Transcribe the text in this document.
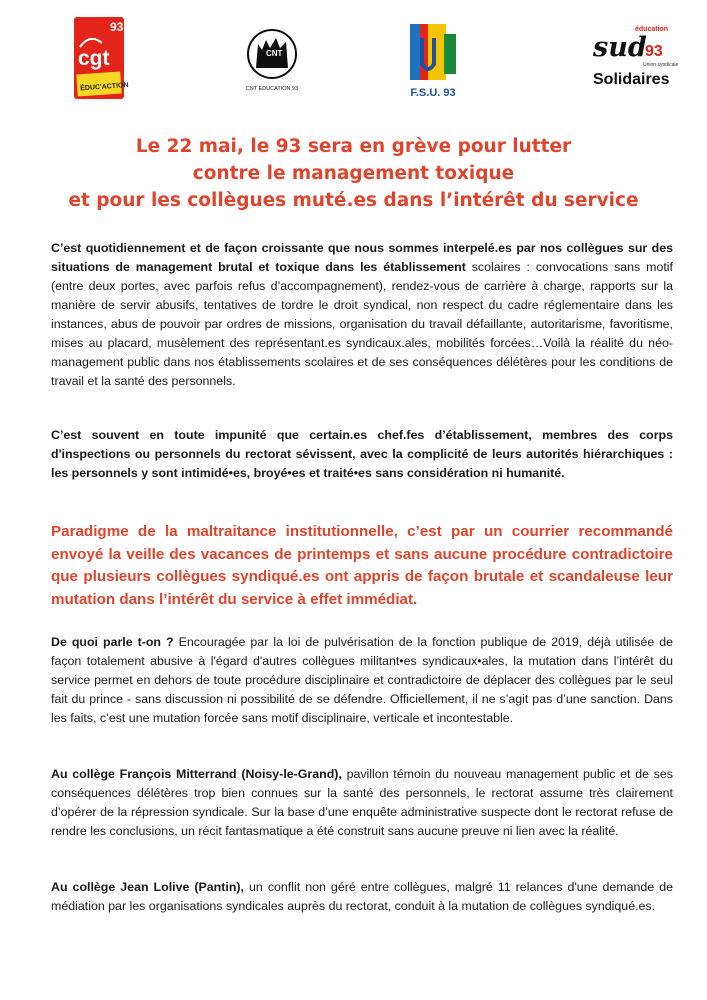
93
cgt
ÉDUC'ACTION
CNT
CNT EDUCATION 93	F.S.U. 93
éducation
sud
93
Union syndicale
Solidaires
Le 22 mai, le 93 sera en grève pour lutter
contre le management toxique
et pour les collègues muté.es dans l’intérêt du service
C’est quotidiennement et de façon croissante que nous sommes interpelé.es par nos collègues sur des situations de management brutal et toxique dans les établissement scolaires : convocations sans motif (entre deux portes, avec parfois refus d’accompagnement), rendez-vous de carrière à charge, rapports sur la manière de servir abusifs, tentatives de tordre le droit syndical, non respect du cadre réglementaire dans les instances, abus de pouvoir par ordres de missions, organisation du travail défaillante, autoritarisme, favoritisme, mises au placard, musèlement des représentant.es syndicaux.ales, mobilités forcées…Voilà la réalité du néo-management public dans nos établissements scolaires et de ses conséquences délétères pour les conditions de travail et la santé des personnels.
C’est souvent en toute impunité que certain.es chef.fes d’établissement, membres des corps d'inspections ou personnels du rectorat sévissent, avec la complicité de leurs autorités hiérarchiques : les personnels y sont intimidé•es, broyé•es et traité•es sans considération ni humanité.
Paradigme de la maltraitance institutionnelle, c’est par un courrier recommandé envoyé la veille des vacances de printemps et sans aucune procédure contradictoire que plusieurs collègues syndiqué.es ont appris de façon brutale et scandaleuse leur mutation dans l’intérêt du service à effet immédiat.
De quoi parle t-on ? Encouragée par la loi de pulvérisation de la fonction publique de 2019, déjà utilisée de façon totalement abusive à l'égard d'autres collègues militant•es syndicaux•ales, la mutation dans l’intérêt du service permet en dehors de toute procédure disciplinaire et contradictoire de déplacer des collègues par le seul fait du prince - sans discussion ni possibilité de se défendre. Officiellement, il ne s’agit pas d’une sanction. Dans les faits, c’est une mutation forcée sans motif disciplinaire, verticale et incontestable.
Au collège François Mitterrand (Noisy-le-Grand), pavillon témoin du nouveau management public et de ses conséquences délétères trop bien connues sur la santé des personnels, le rectorat assume très clairement d’opérer de la répression syndicale. Sur la base d’une enquête administrative suspecte dont le rectorat refuse de rendre les conclusions, un récit fantasmatique a été construit sans aucune preuve ni lien avec la réalité.
Au collège Jean Lolive (Pantin), un conflit non géré entre collègues, malgré 11 relances d'une demande de médiation par les organisations syndicales auprès du rectorat, conduit à la mutation de collègues syndiqué.es.
